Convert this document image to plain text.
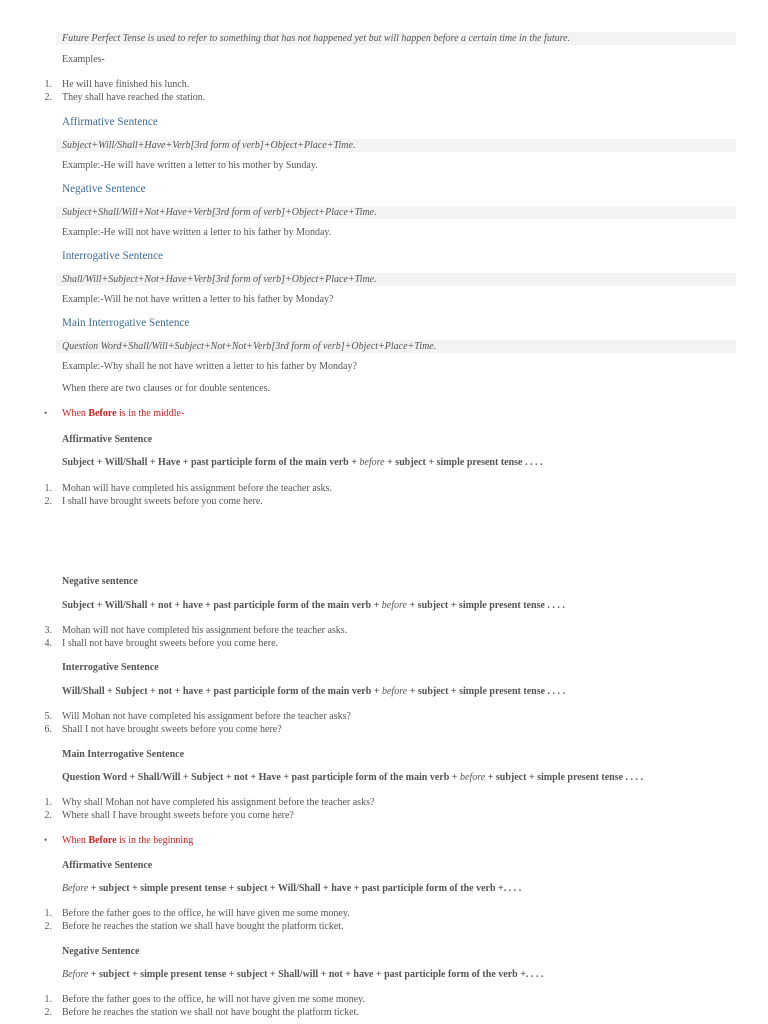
Future Perfect Tense is used to refer to something that has not happened yet but will happen before a certain time in the future.
Examples-
1. He will have finished his lunch.
2. They shall have reached the station.
Affirmative Sentence
Subject+Will/Shall+Have+Verb[3rd form of verb]+Object+Place+Time.
Example:-He will have written a letter to his mother by Sunday.
Negative Sentence
Subject+Shall/Will+Not+Have+Verb[3rd form of verb]+Object+Place+Time.
Example:-He will not have written a letter to his father by Monday.
Interrogative Sentence
Shall/Will+Subject+Not+Have+Verb[3rd form of verb]+Object+Place+Time.
Example:-Will he not have written a letter to his father by Monday?
Main Interrogative Sentence
Question Word+Shall/Will+Subject+Not+Not+Verb[3rd form of verb]+Object+Place+Time.
Example:-Why shall he not have written a letter to his father by Monday?
When there are two clauses or for double sentences.
• When Before is in the middle-
Affirmative Sentence
Subject + Will/Shall + Have + past participle form of the main verb + before + subject + simple present tense . . . .
1. Mohan will have completed his assignment before the teacher asks.
2. I shall have brought sweets before you come here.
Negative sentence
Subject + Will/Shall + not + have + past participle form of the main verb + before + subject + simple present tense . . . .
3. Mohan will not have completed his assignment before the teacher asks.
4. I shall not have brought sweets before you come here.
Interrogative Sentence
Will/Shall + Subject + not + have + past participle form of the main verb + before + subject + simple present tense . . . .
5. Will Mohan not have completed his assignment before the teacher asks?
6. Shall I not have brought sweets before you come here?
Main Interrogative Sentence
Question Word + Shall/Will + Subject + not + Have + past participle form of the main verb + before + subject + simple present tense . . . .
1. Why shall Mohan not have completed his assignment before the teacher asks?
2. Where shall I have brought sweets before you come here?
• When Before is in the beginning
Affirmative Sentence
Before + subject + simple present tense + subject + Will/Shall + have + past participle form of the verb +. . . .
1. Before the father goes to the office, he will have given me some money.
2. Before he reaches the station we shall have bought the platform ticket.
Negative Sentence
Before + subject + simple present tense + subject + Shall/will + not + have + past participle form of the verb +. . . .
1. Before the father goes to the office, he will not have given me some money.
2. Before he reaches the station we shall not have bought the platform ticket.
